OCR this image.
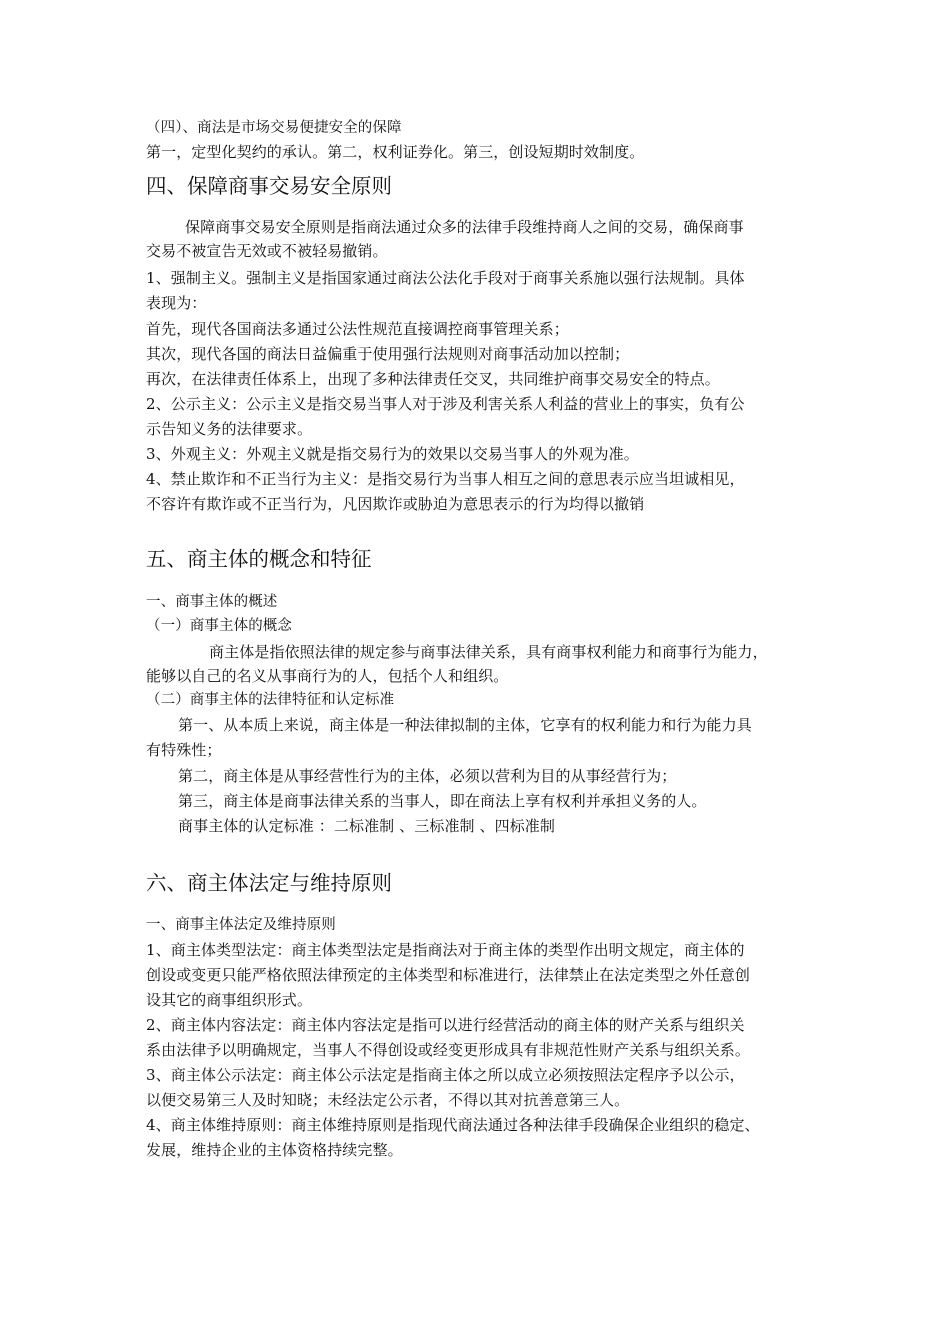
（四）、商法是市场交易便捷安全的保障
第一，定型化契约的承认。第二，权利证券化。第三，创设短期时效制度。
四、保障商事交易安全原则
保障商事交易安全原则是指商法通过众多的法律手段维持商人之间的交易，确保商事
交易不被宣告无效或不被轻易撤销。
1、强制主义。强制主义是指国家通过商法公法化手段对于商事关系施以强行法规制。具体
表现为：
首先，现代各国商法多通过公法性规范直接调控商事管理关系；
其次，现代各国的商法日益偏重于使用强行法规则对商事活动加以控制；
再次，在法律责任体系上，出现了多种法律责任交叉，共同维护商事交易安全的特点。
2、公示主义：公示主义是指交易当事人对于涉及利害关系人利益的营业上的事实，负有公
示告知义务的法律要求。
3、外观主义：外观主义就是指交易行为的效果以交易当事人的外观为准。
4、禁止欺诈和不正当行为主义：是指交易行为当事人相互之间的意思表示应当坦诚相见，
不容许有欺诈或不正当行为，凡因欺诈或胁迫为意思表示的行为均得以撤销
五、商主体的概念和特征
一、商事主体的概述
（一）商事主体的概念
商主体是指依照法律的规定参与商事法律关系，具有商事权利能力和商事行为能力，
能够以自己的名义从事商行为的人，包括个人和组织。
（二）商事主体的法律特征和认定标准
第一、从本质上来说，商主体是一种法律拟制的主体，它享有的权利能力和行为能力具
有特殊性；
第二，商主体是从事经营性行为的主体，必须以营利为目的从事经营行为；
第三，商主体是商事法律关系的当事人，即在商法上享有权利并承担义务的人。
商事主体的认定标准 ：二标准制 、三标准制 、四标准制
六、商主体法定与维持原则
一、商事主体法定及维持原则
1、商主体类型法定：商主体类型法定是指商法对于商主体的类型作出明文规定，商主体的
创设或变更只能严格依照法律预定的主体类型和标准进行，法律禁止在法定类型之外任意创
设其它的商事组织形式。
2、商主体内容法定：商主体内容法定是指可以进行经营活动的商主体的财产关系与组织关
系由法律予以明确规定，当事人不得创设或经变更形成具有非规范性财产关系与组织关系。
3、商主体公示法定：商主体公示法定是指商主体之所以成立必须按照法定程序予以公示，
以便交易第三人及时知晓；未经法定公示者，不得以其对抗善意第三人。
4、商主体维持原则：商主体维持原则是指现代商法通过各种法律手段确保企业组织的稳定、
发展，维持企业的主体资格持续完整。
